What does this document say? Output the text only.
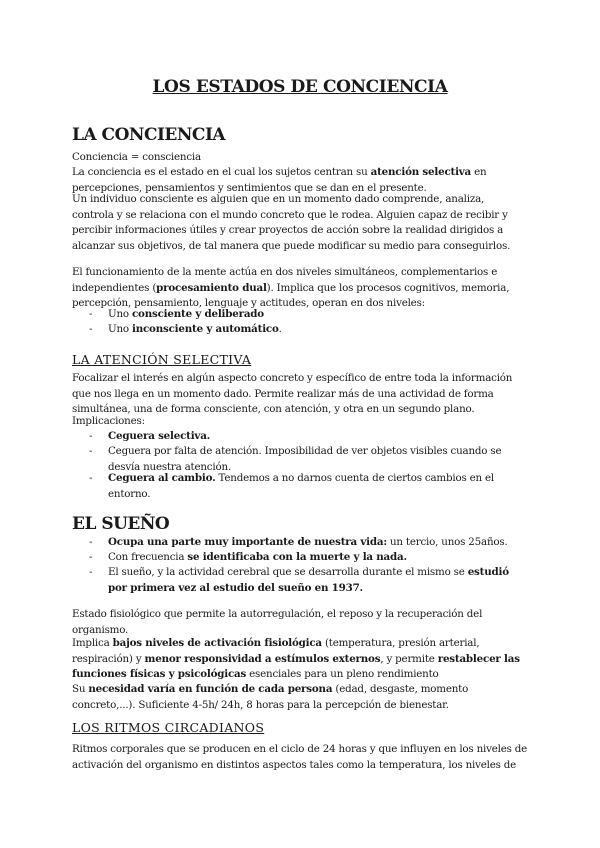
LOS ESTADOS DE CONCIENCIA
LA CONCIENCIA
Conciencia = consciencia
La conciencia es el estado en el cual los sujetos centran su atención selectiva en percepciones, pensamientos y sentimientos que se dan en el presente.
Un individuo consciente es alguien que en un momento dado comprende, analiza, controla y se relaciona con el mundo concreto que le rodea. Alguien capaz de recibir y percibir informaciones útiles y crear proyectos de acción sobre la realidad dirigidos a alcanzar sus objetivos, de tal manera que puede modificar su medio para conseguirlos.
El funcionamiento de la mente actúa en dos niveles simultáneos, complementarios e independientes (procesamiento dual). Implica que los procesos cognitivos, memoria, percepción, pensamiento, lenguaje y actitudes, operan en dos niveles:
- Uno consciente y deliberado
- Uno inconsciente y automático.
LA ATENCIÓN SELECTIVA
Focalizar el interés en algún aspecto concreto y específico de entre toda la información que nos llega en un momento dado. Permite realizar más de una actividad de forma simultánea, una de forma consciente, con atención, y otra en un segundo plano.
Implicaciones:
- Ceguera selectiva.
- Ceguera por falta de atención. Imposibilidad de ver objetos visibles cuando se desvía nuestra atención.
- Ceguera al cambio. Tendemos a no darnos cuenta de ciertos cambios en el entorno.
EL SUEÑO
- Ocupa una parte muy importante de nuestra vida: un tercio, unos 25años.
- Con frecuencia se identificaba con la muerte y la nada.
- El sueño, y la actividad cerebral que se desarrolla durante el mismo se estudió por primera vez al estudio del sueño en 1937.
Estado fisiológico que permite la autorregulación, el reposo y la recuperación del organismo.
Implica bajos niveles de activación fisiológica (temperatura, presión arterial, respiración) y menor responsividad a estímulos externos, y permite restablecer las funciones físicas y psicológicas esenciales para un pleno rendimiento
Su necesidad varía en función de cada persona (edad, desgaste, momento concreto,...). Suficiente 4-5h/ 24h, 8 horas para la percepción de bienestar.
LOS RITMOS CIRCADIANOS
Ritmos corporales que se producen en el ciclo de 24 horas y que influyen en los niveles de activación del organismo en distintos aspectos tales como la temperatura, los niveles de
